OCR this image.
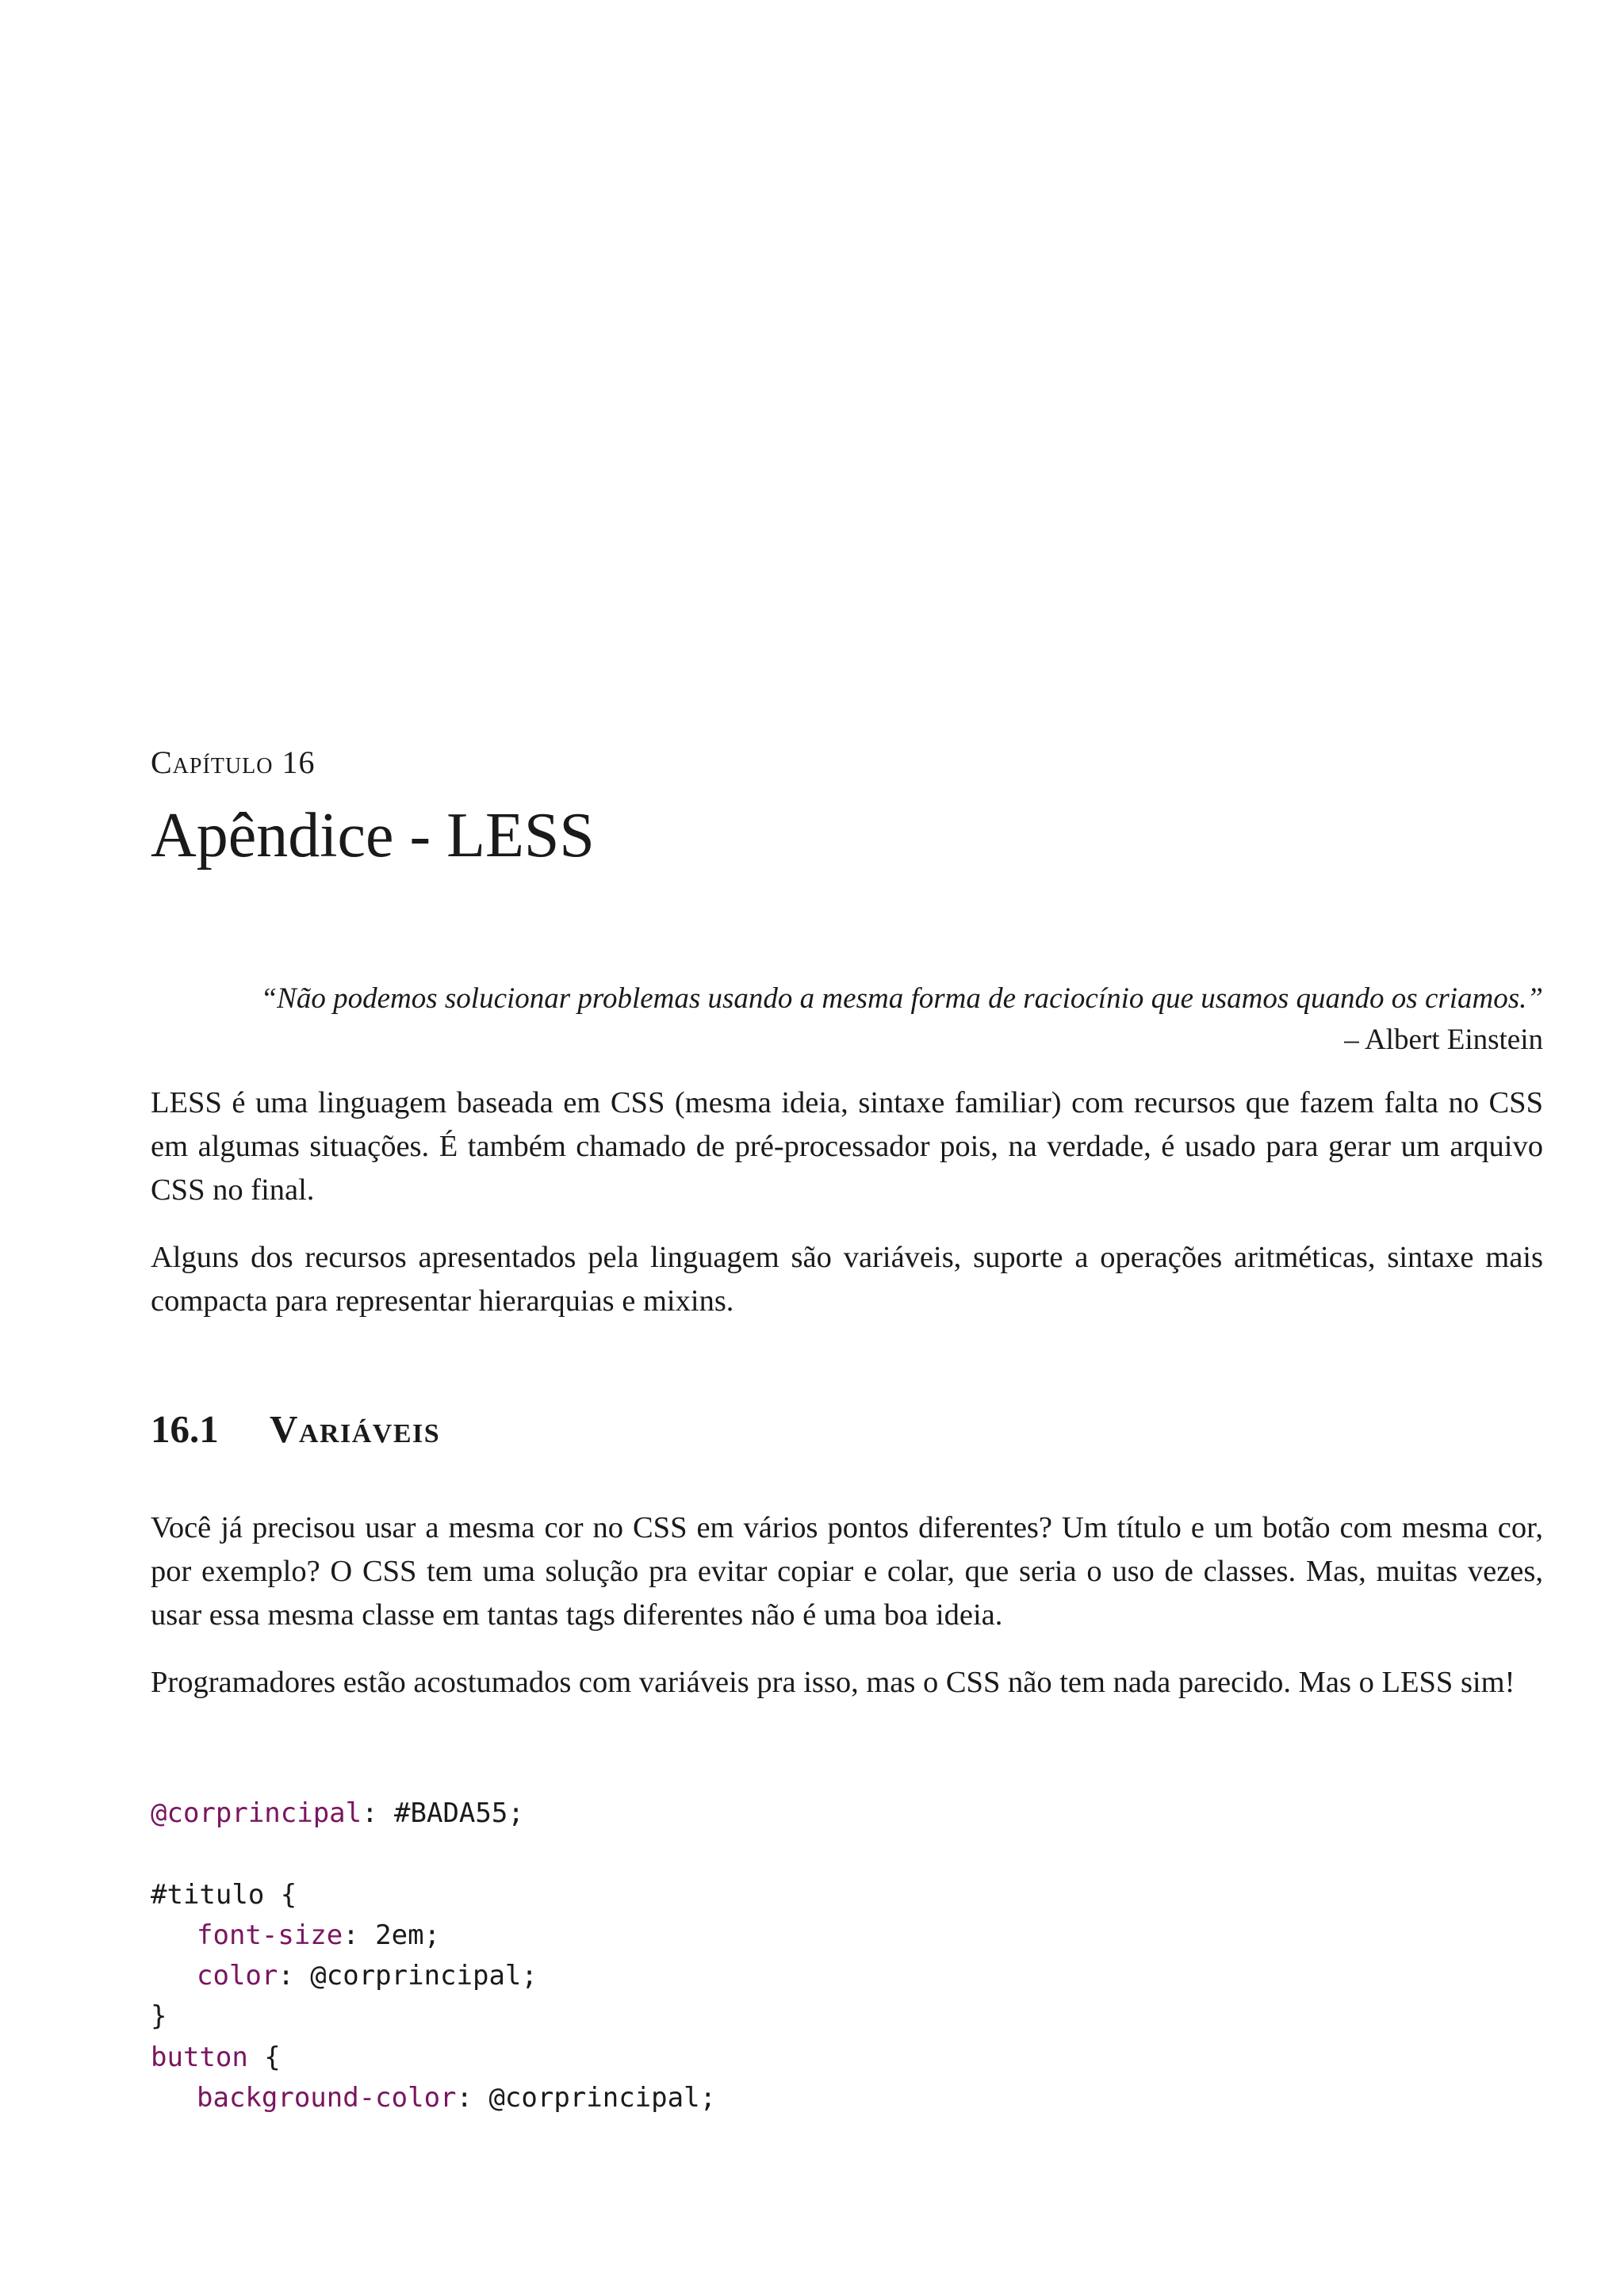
Capítulo 16
Apêndice - LESS
“Não podemos solucionar problemas usando a mesma forma de raciocínio que usamos quando os criamos.”
– Albert Einstein

LESS é uma linguagem baseada em CSS (mesma ideia, sintaxe familiar) com recursos que fazem falta no CSS em algumas situações. É também chamado de pré-processador pois, na verdade, é usado para gerar um arquivo CSS no final.

Alguns dos recursos apresentados pela linguagem são variáveis, suporte a operações aritméticas, sintaxe mais compacta para representar hierarquias e mixins.

16.1	Variáveis

Você já precisou usar a mesma cor no CSS em vários pontos diferentes? Um título e um botão com mesma cor, por exemplo? O CSS tem uma solução pra evitar copiar e colar, que seria o uso de classes. Mas, muitas vezes, usar essa mesma classe em tantas tags diferentes não é uma boa ideia.

Programadores estão acostumados com variáveis pra isso, mas o CSS não tem nada parecido. Mas o LESS sim!

@corprincipal: #BADA55;
#titulo {
font-size: 2em;
color: @corprincipal;
}
button {
background-color: @corprincipal;
